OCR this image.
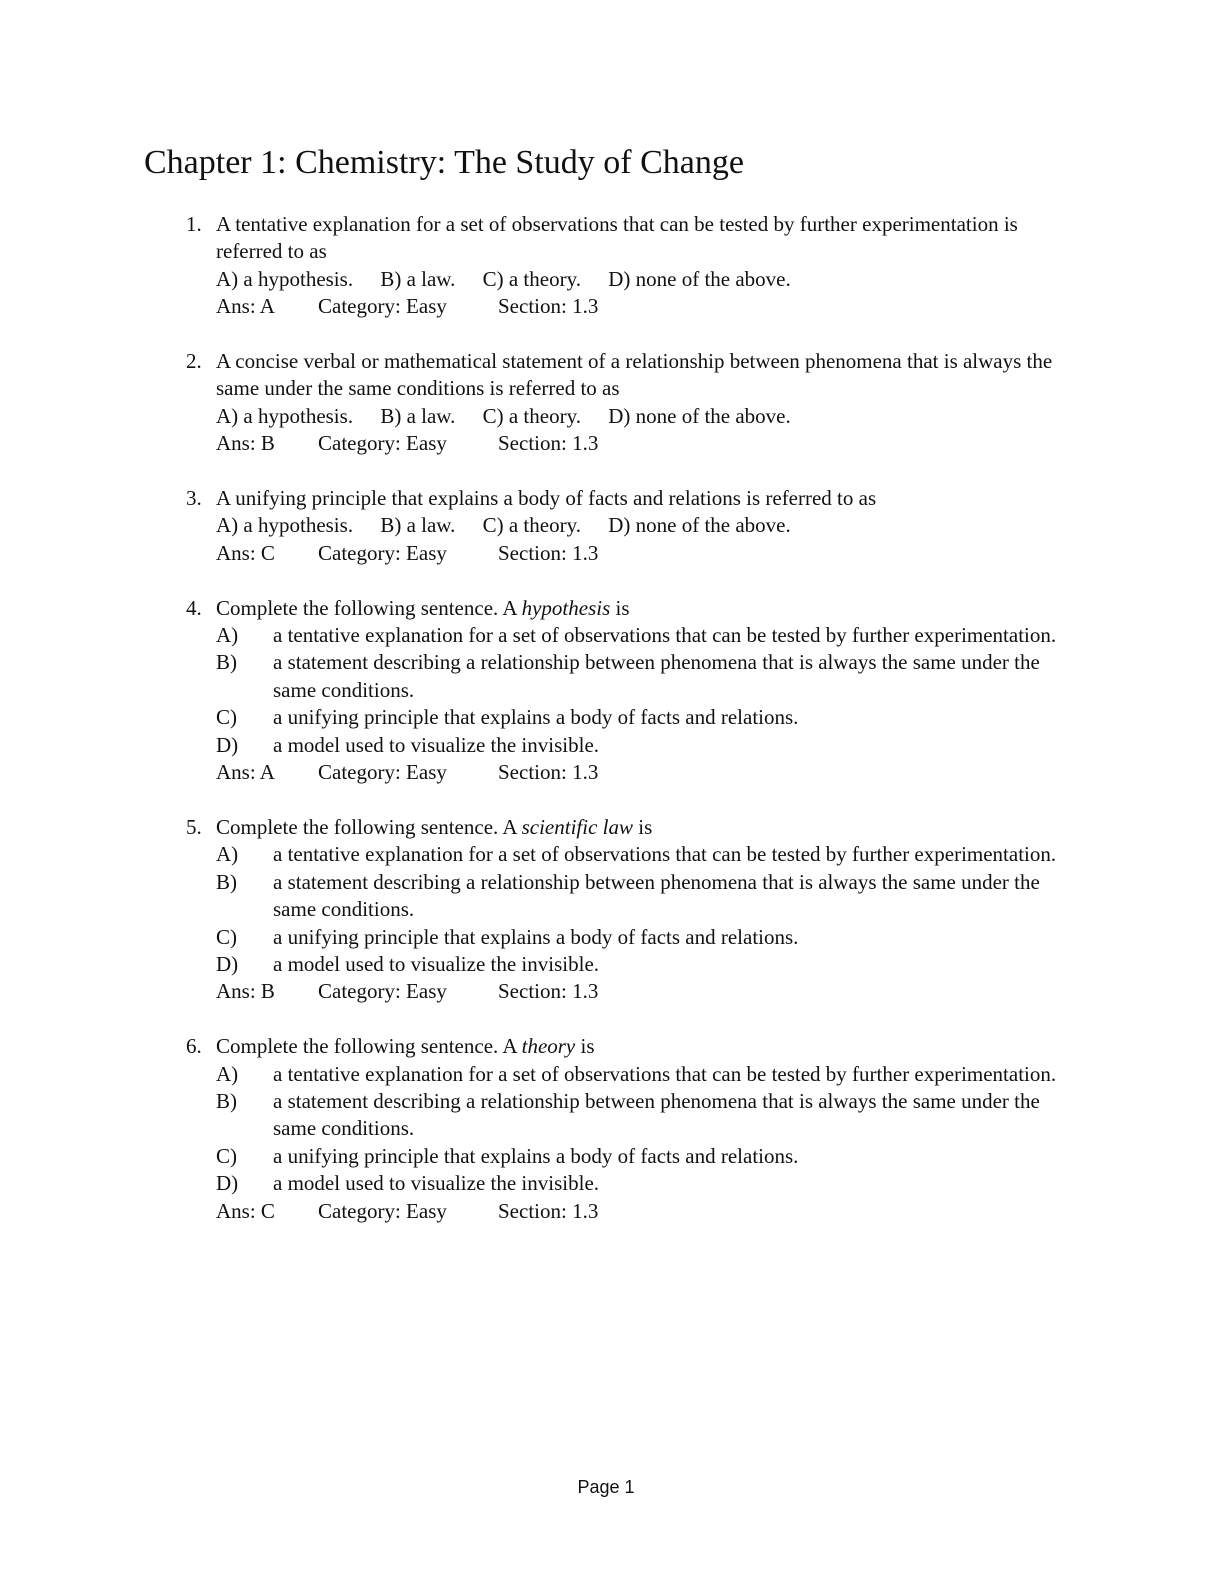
Chapter 1: Chemistry: The Study of Change
1. A tentative explanation for a set of observations that can be tested by further experimentation is referred to as
A) a hypothesis. B) a law. C) a theory. D) none of the above.
Ans: A Category: Easy Section: 1.3
2. A concise verbal or mathematical statement of a relationship between phenomena that is always the same under the same conditions is referred to as
A) a hypothesis. B) a law. C) a theory. D) none of the above.
Ans: B Category: Easy Section: 1.3
3. A unifying principle that explains a body of facts and relations is referred to as
A) a hypothesis. B) a law. C) a theory. D) none of the above.
Ans: C Category: Easy Section: 1.3
4. Complete the following sentence. A hypothesis is
A) a tentative explanation for a set of observations that can be tested by further experimentation.
B) a statement describing a relationship between phenomena that is always the same under the same conditions.
C) a unifying principle that explains a body of facts and relations.
D) a model used to visualize the invisible.
Ans: A Category: Easy Section: 1.3
5. Complete the following sentence. A scientific law is
A) a tentative explanation for a set of observations that can be tested by further experimentation.
B) a statement describing a relationship between phenomena that is always the same under the same conditions.
C) a unifying principle that explains a body of facts and relations.
D) a model used to visualize the invisible.
Ans: B Category: Easy Section: 1.3
6. Complete the following sentence. A theory is
A) a tentative explanation for a set of observations that can be tested by further experimentation.
B) a statement describing a relationship between phenomena that is always the same under the same conditions.
C) a unifying principle that explains a body of facts and relations.
D) a model used to visualize the invisible.
Ans: C Category: Easy Section: 1.3
Page 1
